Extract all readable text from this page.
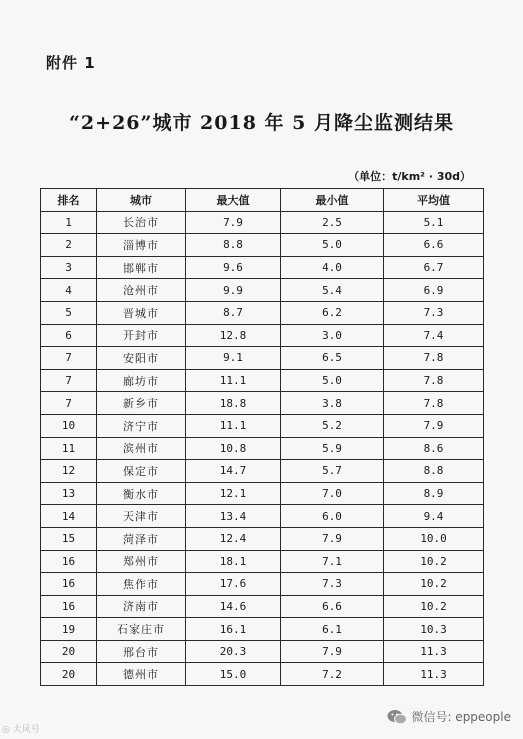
附件 1
“2+26”城市 2018 年 5 月降尘监测结果
（单位：t/km² · 30d）
排名	城市	最大值	最小值	平均值
1	长治市	7.9	2.5	5.1
2	淄博市	8.8	5.0	6.6
3	邯郸市	9.6	4.0	6.7
4	沧州市	9.9	5.4	6.9
5	晋城市	8.7	6.2	7.3
6	开封市	12.8	3.0	7.4
7	安阳市	9.1	6.5	7.8
7	廊坊市	11.1	5.0	7.8
7	新乡市	18.8	3.8	7.8
10	济宁市	11.1	5.2	7.9
11	滨州市	10.8	5.9	8.6
12	保定市	14.7	5.7	8.8
13	衡水市	12.1	7.0	8.9
14	天津市	13.4	6.0	9.4
15	菏泽市	12.4	7.9	10.0
16	郑州市	18.1	7.1	10.2
16	焦作市	17.6	7.3	10.2
16	济南市	14.6	6.6	10.2
19	石家庄市	16.1	6.1	10.3
20	邢台市	20.3	7.9	11.3
20	德州市	15.0	7.2	11.3
◎ 大风号
微信号: eppeople
